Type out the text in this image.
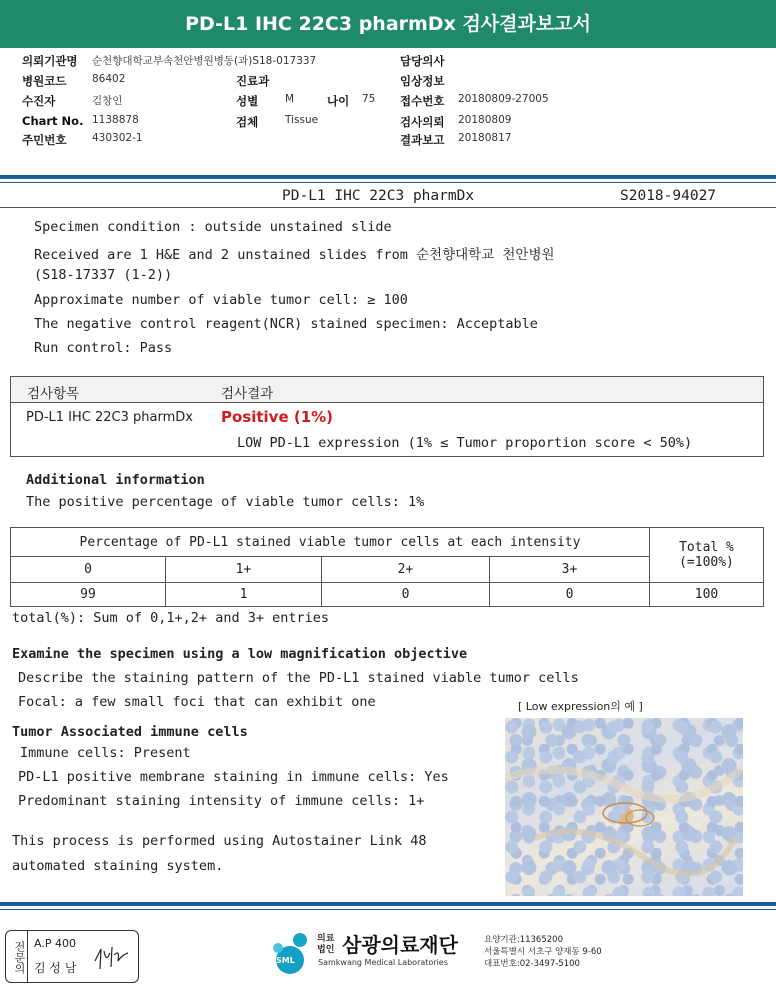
PD-L1 IHC 22C3 pharmDx 검사결과보고서
의뢰기관명 순천향대학교부속천안병원병동(과)S18-017337	담당의사
병원코드 86402	진료과	임상정보
수진자	김창인	성별	M	나이 75 접수번호 20180809-27005
Chart No. 1138878	검체	Tissue	검사의뢰 20180809
주민번호 430302-1	결과보고 20180817
PD-L1 IHC 22C3 pharmDx	S2018-94027
Specimen condition : outside unstained slide
Received are 1 H&E and 2 unstained slides from 순천향대학교 천안병원
(S18-17337 (1-2))
Approximate number of viable tumor cell: ≥ 100
The negative control reagent(NCR) stained specimen: Acceptable
Run control: Pass
검사항목	검사결과
PD-L1 IHC 22C3 pharmDx Positive (1%)
LOW PD-L1 expression (1% ≤ Tumor proportion score < 50%)
Additional information
The positive percentage of viable tumor cells: 1%
Percentage of PD-L1 stained viable tumor cells at each intensity				Total %
(=100%)

0	1+	2+	3+	
99	1	0	0	100
total(%): Sum of 0,1+,2+ and 3+ entries
Examine the specimen using a low magnification objective
Describe the staining pattern of the PD-L1 stained viable tumor cells
Focal: a few small foci that can exhibit one	[ Low expression의 예 ]
Tumor Associated immune cells
Immune cells: Present
PD-L1 positive membrane staining in immune cells: Yes
Predominant staining intensity of immune cells: 1+
This process is performed using Autostainer Link 48
automated staining system.
전문의 A.P 400
김 성 남
SML
의료
법인 삼광의료재단
Samkwang Medical Laboratories
요양기관:11365200
서울특별시 서초구 양재동 9-60
대표번호:02-3497-5100
